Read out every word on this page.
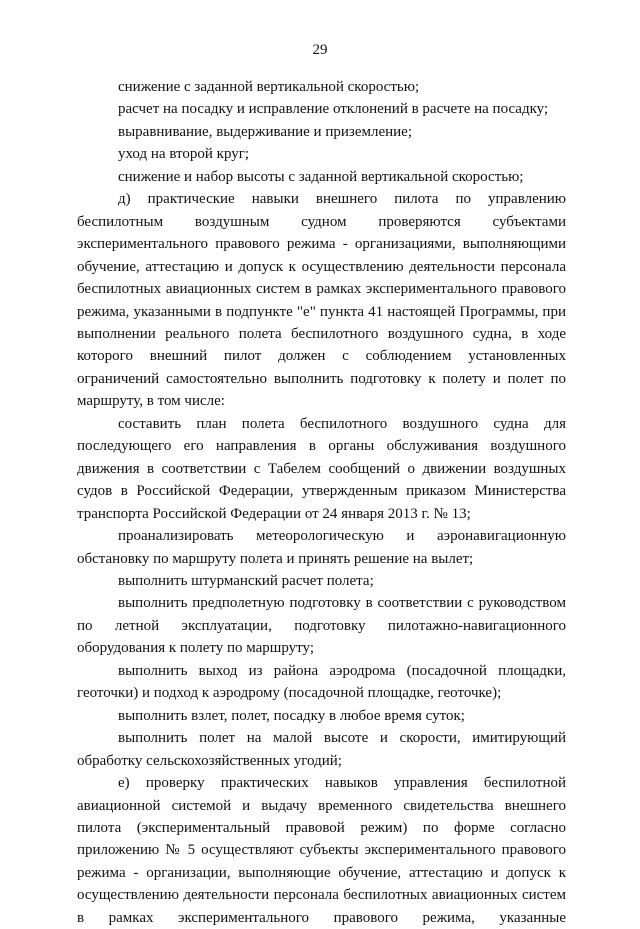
29

снижение с заданной вертикальной скоростью;

расчет на посадку и исправление отклонений в расчете на посадку;

выравнивание, выдерживание и приземление;

уход на второй круг;

снижение и набор высоты с заданной вертикальной скоростью;

д) практические навыки внешнего пилота по управлению беспилотным воздушным судном проверяются субъектами экспериментального правового режима - организациями, выполняющими обучение, аттестацию и допуск к осуществлению деятельности персонала беспилотных авиационных систем в рамках экспериментального правового режима, указанными в подпункте "е" пункта 41 настоящей Программы, при выполнении реального полета беспилотного воздушного судна, в ходе которого внешний пилот должен с соблюдением установленных ограничений самостоятельно выполнить подготовку к полету и полет по маршруту, в том числе:

составить план полета беспилотного воздушного судна для последующего его направления в органы обслуживания воздушного движения в соответствии с Табелем сообщений о движении воздушных судов в Российской Федерации, утвержденным приказом Министерства транспорта Российской Федерации от 24 января 2013 г. № 13;

проанализировать метеорологическую и аэронавигационную обстановку по маршруту полета и принять решение на вылет;

выполнить штурманский расчет полета;

выполнить предполетную подготовку в соответствии с руководством по летной эксплуатации, подготовку пилотажно-навигационного оборудования к полету по маршруту;

выполнить выход из района аэродрома (посадочной площадки, геоточки) и подход к аэродрому (посадочной площадке, геоточке);

выполнить взлет, полет, посадку в любое время суток;

выполнить полет на малой высоте и скорости, имитирующий обработку сельскохозяйственных угодий;

е) проверку практических навыков управления беспилотной авиационной системой и выдачу временного свидетельства внешнего пилота (экспериментальный правовой режим) по форме согласно приложению № 5 осуществляют субъекты экспериментального правового режима - организации, выполняющие обучение, аттестацию и допуск к осуществлению деятельности персонала беспилотных авиационных систем в рамках экспериментального правового режима, указанные
